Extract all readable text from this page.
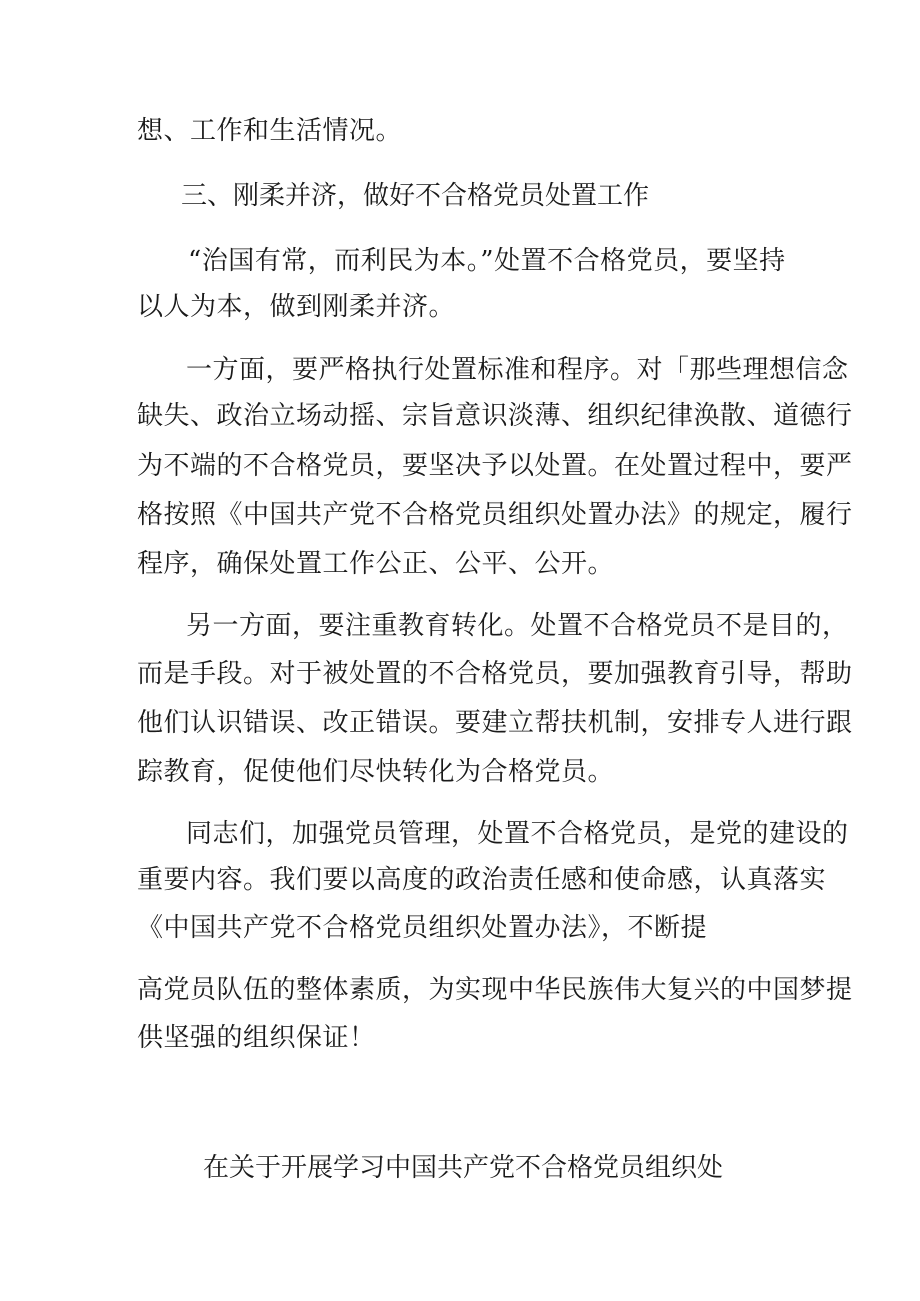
想、工作和生活情况。
三、刚柔并济，做好不合格党员处置工作
“治国有常，而利民为本。”处置不合格党员，要坚持
以人为本，做到刚柔并济。
一方面，要严格执行处置标准和程序。对「那些理想信念
缺失、政治立场动摇、宗旨意识淡薄、组织纪律涣散、道德行
为不端的不合格党员，要坚决予以处置。在处置过程中，要严
格按照《中国共产党不合格党员组织处置办法》的规定，履行
程序，确保处置工作公正、公平、公开。
另一方面，要注重教育转化。处置不合格党员不是目的，
而是手段。对于被处置的不合格党员，要加强教育引导，帮助
他们认识错误、改正错误。要建立帮扶机制，安排专人进行跟
踪教育，促使他们尽快转化为合格党员。
同志们，加强党员管理，处置不合格党员，是党的建设的
重要内容。我们要以高度的政治责任感和使命感，认真落实
《中国共产党不合格党员组织处置办法》，不断提
高党员队伍的整体素质，为实现中华民族伟大复兴的中国梦提
供坚强的组织保证！
在关于开展学习中国共产党不合格党员组织处
